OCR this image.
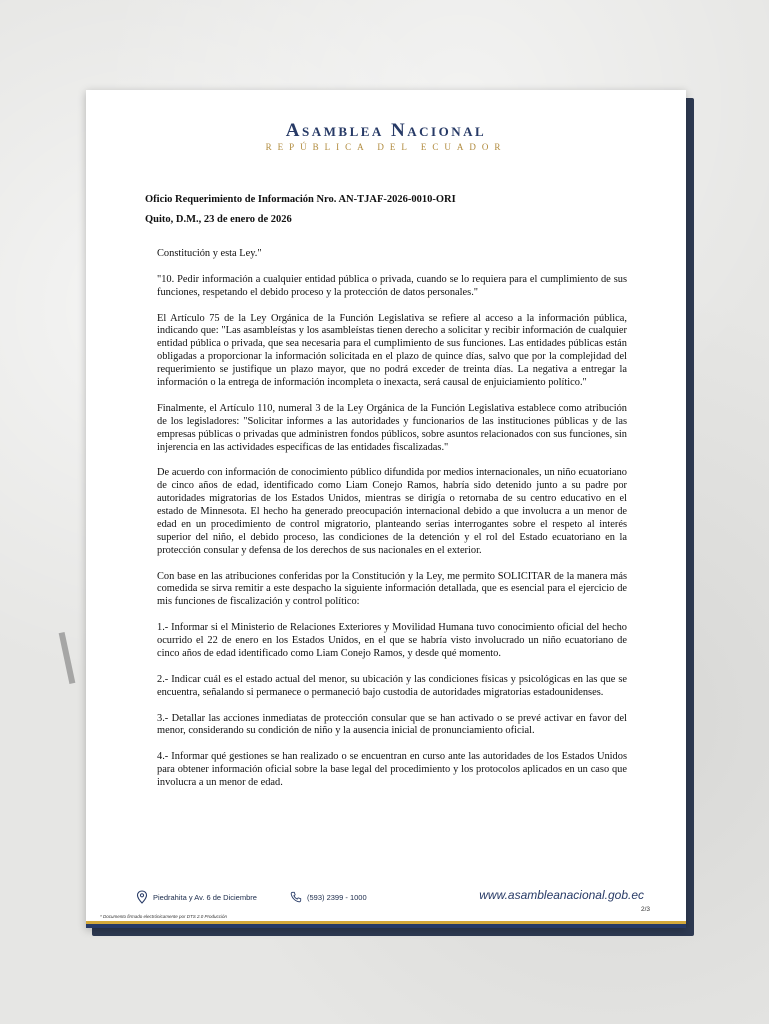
Asamblea Nacional
REPÚBLICA DEL ECUADOR
Oficio Requerimiento de Información Nro. AN-TJAF-2026-0010-ORI
Quito, D.M., 23 de enero de 2026

Constitución y esta Ley."

"10. Pedir información a cualquier entidad pública o privada, cuando se lo requiera para el cumplimiento de sus funciones, respetando el debido proceso y la protección de datos personales."

El Artículo 75 de la Ley Orgánica de la Función Legislativa se refiere al acceso a la información pública, indicando que: "Las asambleístas y los asambleístas tienen derecho a solicitar y recibir información de cualquier entidad pública o privada, que sea necesaria para el cumplimiento de sus funciones. Las entidades públicas están obligadas a proporcionar la información solicitada en el plazo de quince días, salvo que por la complejidad del requerimiento se justifique un plazo mayor, que no podrá exceder de treinta días. La negativa a entregar la información o la entrega de información incompleta o inexacta, será causal de enjuiciamiento político."

Finalmente, el Artículo 110, numeral 3 de la Ley Orgánica de la Función Legislativa establece como atribución de los legisladores: "Solicitar informes a las autoridades y funcionarios de las instituciones públicas y de las empresas públicas o privadas que administren fondos públicos, sobre asuntos relacionados con sus funciones, sin injerencia en las actividades específicas de las entidades fiscalizadas."

De acuerdo con información de conocimiento público difundida por medios internacionales, un niño ecuatoriano de cinco años de edad, identificado como Liam Conejo Ramos, habría sido detenido junto a su padre por autoridades migratorias de los Estados Unidos, mientras se dirigía o retornaba de su centro educativo en el estado de Minnesota. El hecho ha generado preocupación internacional debido a que involucra a un menor de edad en un procedimiento de control migratorio, planteando serias interrogantes sobre el respeto al interés superior del niño, el debido proceso, las condiciones de la detención y el rol del Estado ecuatoriano en la protección consular y defensa de los derechos de sus nacionales en el exterior.

Con base en las atribuciones conferidas por la Constitución y la Ley, me permito SOLICITAR de la manera más comedida se sirva remitir a este despacho la siguiente información detallada, que es esencial para el ejercicio de mis funciones de fiscalización y control político:

1.- Informar si el Ministerio de Relaciones Exteriores y Movilidad Humana tuvo conocimiento oficial del hecho ocurrido el 22 de enero en los Estados Unidos, en el que se habría visto involucrado un niño ecuatoriano de cinco años de edad identificado como Liam Conejo Ramos, y desde qué momento.

2.- Indicar cuál es el estado actual del menor, su ubicación y las condiciones físicas y psicológicas en las que se encuentra, señalando si permanece o permaneció bajo custodia de autoridades migratorias estadounidenses.

3.- Detallar las acciones inmediatas de protección consular que se han activado o se prevé activar en favor del menor, considerando su condición de niño y la ausencia inicial de pronunciamiento oficial.

4.- Informar qué gestiones se han realizado o se encuentran en curso ante las autoridades de los Estados Unidos para obtener información oficial sobre la base legal del procedimiento y los protocolos aplicados en un caso que involucra a un menor de edad.

Piedrahita y Av. 6 de Diciembre	(593) 2399 - 1000	www.asambleanacional.gob.ec
2/3
* Documento firmado electrónicamente por DTS 2.0 Producción
